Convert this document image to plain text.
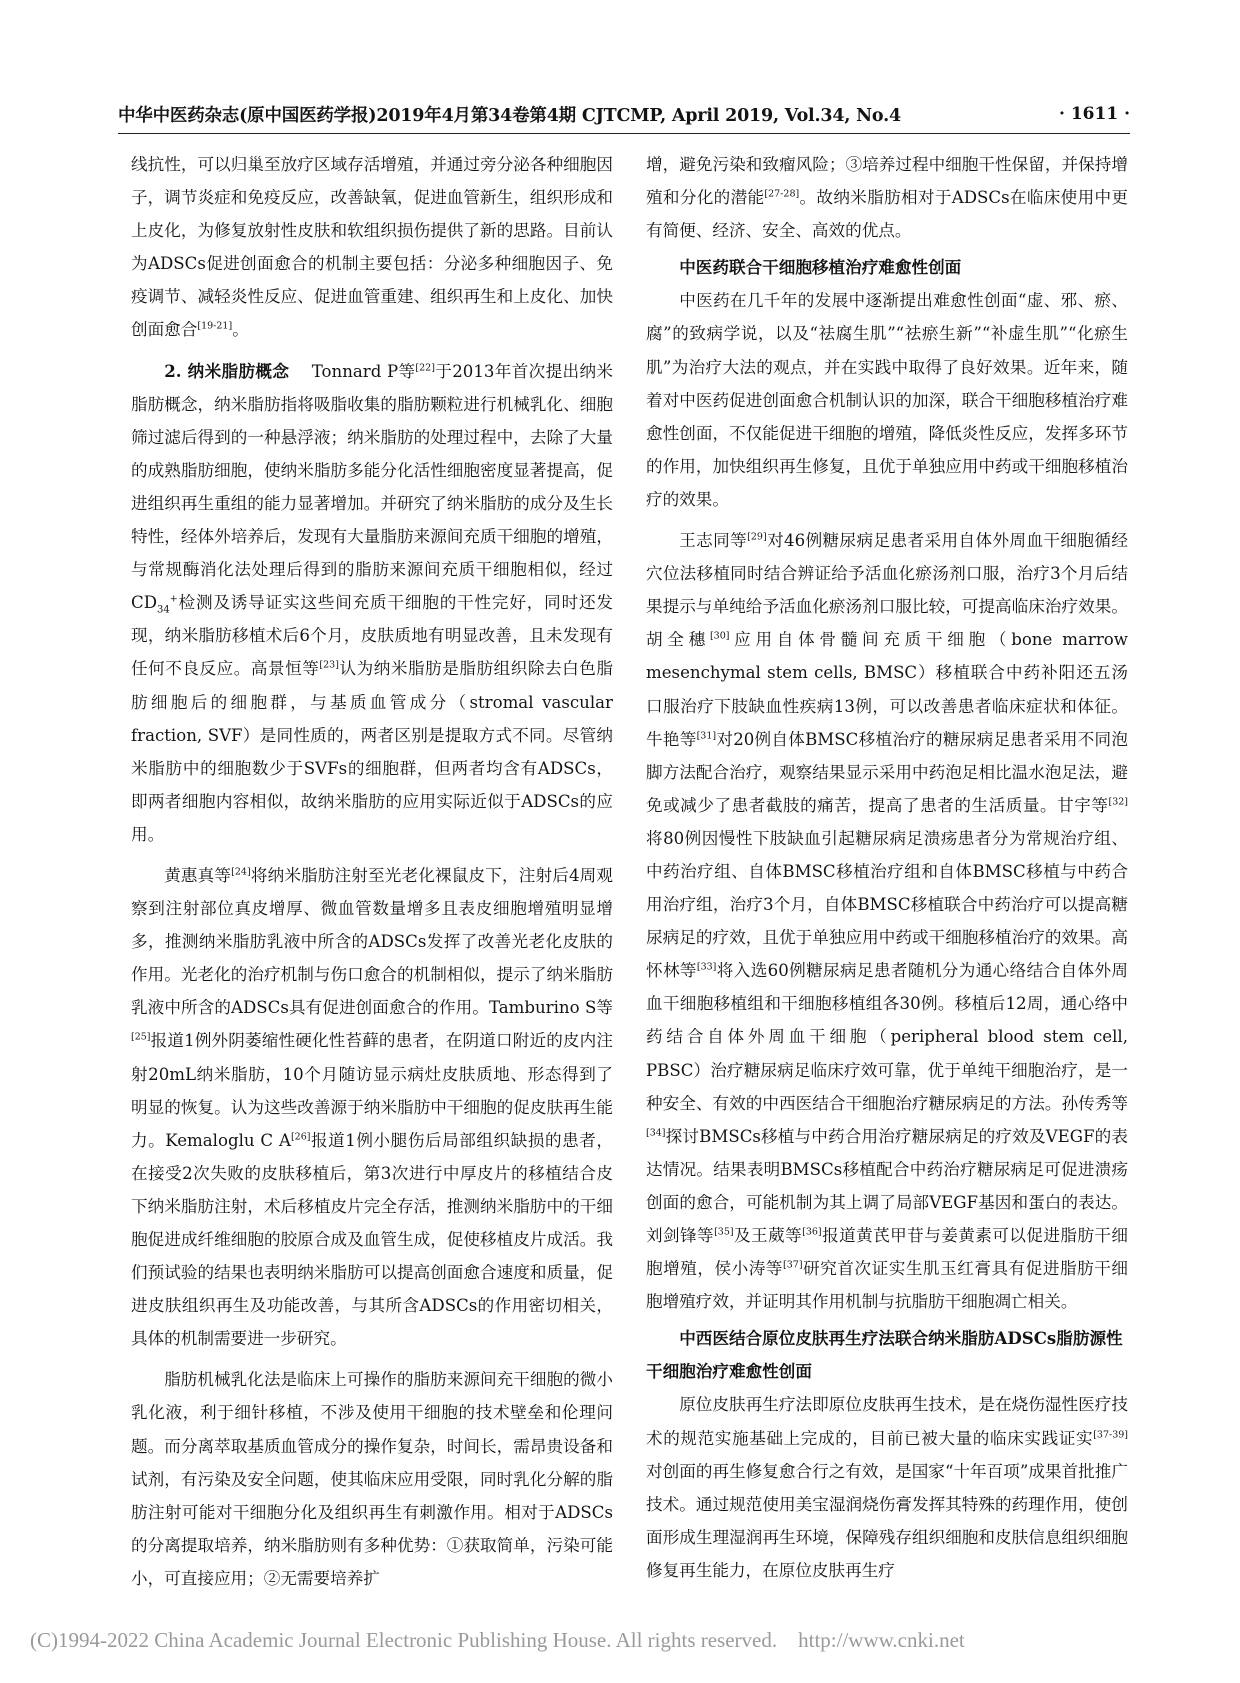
中华中医药杂志(原中国医药学报)2019年4月第34卷第4期 CJTCMP, April 2019, Vol.34, No.4	· 1611 ·

线抗性，可以归巢至放疗区域存活增殖，并通过旁分泌各种细胞因子，调节炎症和免疫反应，改善缺氧，促进血管新生，组织形成和上皮化，为修复放射性皮肤和软组织损伤提供了新的思路。目前认为ADSCs促进创面愈合的机制主要包括：分泌多种细胞因子、免疫调节、减轻炎性反应、促进血管重建、组织再生和上皮化、加快创面愈合[19-21]。

2. 纳米脂肪概念 Tonnard P等[22]于2013年首次提出纳米脂肪概念，纳米脂肪指将吸脂收集的脂肪颗粒进行机械乳化、细胞筛过滤后得到的一种悬浮液；纳米脂肪的处理过程中，去除了大量的成熟脂肪细胞，使纳米脂肪多能分化活性细胞密度显著提高，促进组织再生重组的能力显著增加。并研究了纳米脂肪的成分及生长特性，经体外培养后，发现有大量脂肪来源间充质干细胞的增殖，与常规酶消化法处理后得到的脂肪来源间充质干细胞相似，经过$CD_{34}^+$检测及诱导证实这些间充质干细胞的干性完好，同时还发现，纳米脂肪移植术后6个月，皮肤质地有明显改善，且未发现有任何不良反应。高景恒等[23]认为纳米脂肪是脂肪组织除去白色脂肪细胞后的细胞群，与基质血管成分（stromal vascular fraction, SVF）是同性质的，两者区别是提取方式不同。尽管纳米脂肪中的细胞数少于SVFs的细胞群，但两者均含有ADSCs，即两者细胞内容相似，故纳米脂肪的应用实际近似于ADSCs的应用。

黄惠真等[24]将纳米脂肪注射至光老化裸鼠皮下，注射后4周观察到注射部位真皮增厚、微血管数量增多且表皮细胞增殖明显增多，推测纳米脂肪乳液中所含的ADSCs发挥了改善光老化皮肤的作用。光老化的治疗机制与伤口愈合的机制相似，提示了纳米脂肪乳液中所含的ADSCs具有促进创面愈合的作用。Tamburino S等[25]报道1例外阴萎缩性硬化性苔藓的患者，在阴道口附近的皮内注射20mL纳米脂肪，10个月随访显示病灶皮肤质地、形态得到了明显的恢复。认为这些改善源于纳米脂肪中干细胞的促皮肤再生能力。Kemaloglu C A[26]报道1例小腿伤后局部组织缺损的患者，在接受2次失败的皮肤移植后，第3次进行中厚皮片的移植结合皮下纳米脂肪注射，术后移植皮片完全存活，推测纳米脂肪中的干细胞促进成纤维细胞的胶原合成及血管生成，促使移植皮片成活。我们预试验的结果也表明纳米脂肪可以提高创面愈合速度和质量，促进皮肤组织再生及功能改善，与其所含ADSCs的作用密切相关，具体的机制需要进一步研究。

脂肪机械乳化法是临床上可操作的脂肪来源间充干细胞的微小乳化液，利于细针移植，不涉及使用干细胞的技术壁垒和伦理问题。而分离萃取基质血管成分的操作复杂，时间长，需昂贵设备和试剂，有污染及安全问题，使其临床应用受限，同时乳化分解的脂肪注射可能对干细胞分化及组织再生有刺激作用。相对于ADSCs的分离提取培养，纳米脂肪则有多种优势：①获取简单，污染可能小，可直接应用；②无需要培养扩

增，避免污染和致瘤风险；③培养过程中细胞干性保留，并保持增殖和分化的潜能[27-28]。故纳米脂肪相对于ADSCs在临床使用中更有简便、经济、安全、高效的优点。

中医药联合干细胞移植治疗难愈性创面

中医药在几千年的发展中逐渐提出难愈性创面“虚、邪、瘀、腐”的致病学说，以及“祛腐生肌”“祛瘀生新”“补虚生肌”“化瘀生肌”为治疗大法的观点，并在实践中取得了良好效果。近年来，随着对中医药促进创面愈合机制认识的加深，联合干细胞移植治疗难愈性创面，不仅能促进干细胞的增殖，降低炎性反应，发挥多环节的作用，加快组织再生修复，且优于单独应用中药或干细胞移植治疗的效果。

王志同等[29]对46例糖尿病足患者采用自体外周血干细胞循经穴位法移植同时结合辨证给予活血化瘀汤剂口服，治疗3个月后结果提示与单纯给予活血化瘀汤剂口服比较，可提高临床治疗效果。胡全穗[30]应用自体骨髓间充质干细胞（bone marrow mesenchymal stem cells, BMSC）移植联合中药补阳还五汤口服治疗下肢缺血性疾病13例，可以改善患者临床症状和体征。牛艳等[31]对20例自体BMSC移植治疗的糖尿病足患者采用不同泡脚方法配合治疗，观察结果显示采用中药泡足相比温水泡足法，避免或减少了患者截肢的痛苦，提高了患者的生活质量。甘宇等[32]将80例因慢性下肢缺血引起糖尿病足溃疡患者分为常规治疗组、中药治疗组、自体BMSC移植治疗组和自体BMSC移植与中药合用治疗组，治疗3个月，自体BMSC移植联合中药治疗可以提高糖尿病足的疗效，且优于单独应用中药或干细胞移植治疗的效果。高怀林等[33]将入选60例糖尿病足患者随机分为通心络结合自体外周血干细胞移植组和干细胞移植组各30例。移植后12周，通心络中药结合自体外周血干细胞（peripheral blood stem cell, PBSC）治疗糖尿病足临床疗效可靠，优于单纯干细胞治疗，是一种安全、有效的中西医结合干细胞治疗糖尿病足的方法。孙传秀等[34]探讨BMSCs移植与中药合用治疗糖尿病足的疗效及VEGF的表达情况。结果表明BMSCs移植配合中药治疗糖尿病足可促进溃疡创面的愈合，可能机制为其上调了局部VEGF基因和蛋白的表达。刘剑锋等[35]及王葳等[36]报道黄芪甲苷与姜黄素可以促进脂肪干细胞增殖，侯小涛等[37]研究首次证实生肌玉红膏具有促进脂肪干细胞增殖疗效，并证明其作用机制与抗脂肪干细胞凋亡相关。

中西医结合原位皮肤再生疗法联合纳米脂肪ADSCs脂肪源性干细胞治疗难愈性创面

原位皮肤再生疗法即原位皮肤再生技术，是在烧伤湿性医疗技术的规范实施基础上完成的，目前已被大量的临床实践证实[37-39]对创面的再生修复愈合行之有效，是国家“十年百项”成果首批推广技术。通过规范使用美宝湿润烧伤膏发挥其特殊的药理作用，使创面形成生理湿润再生环境，保障残存组织细胞和皮肤信息组织细胞修复再生能力，在原位皮肤再生疗

(C)1994-2022 China Academic Journal Electronic Publishing House. All rights reserved. http://www.cnki.net
